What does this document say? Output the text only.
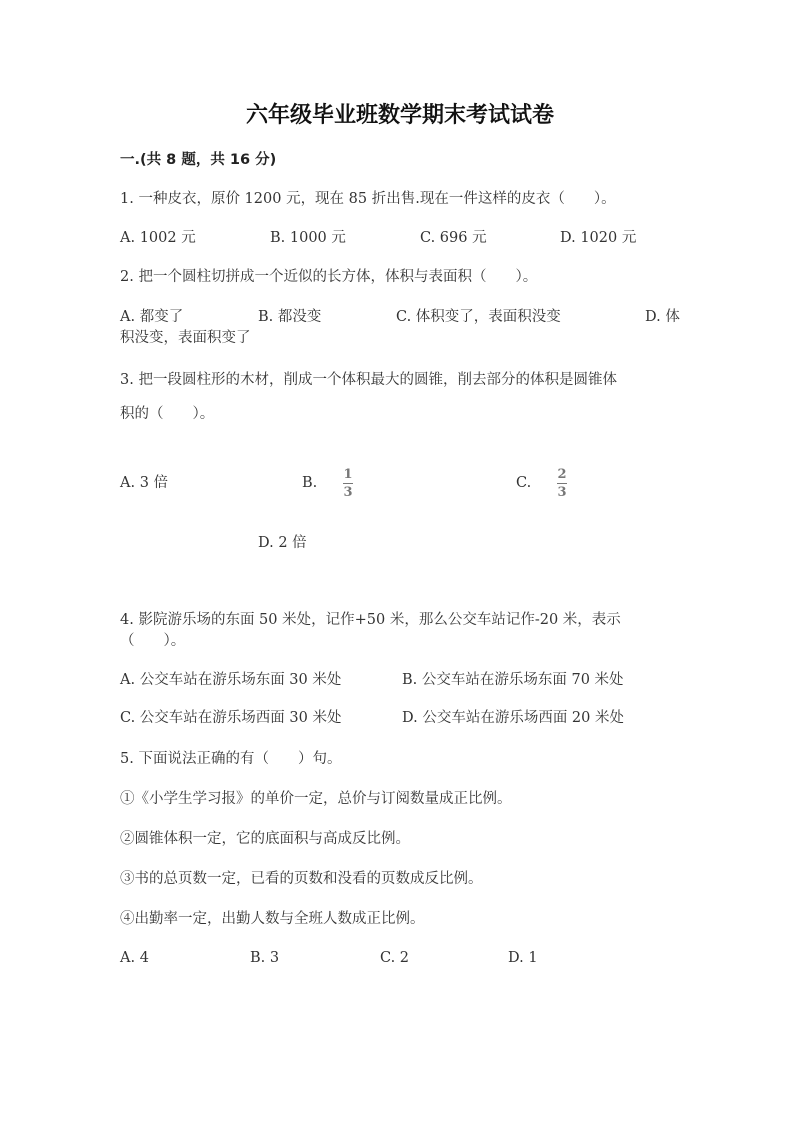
六年级毕业班数学期末考试试卷
一.(共 8 题，共 16 分)
1. 一种皮衣，原价 1200 元，现在 85 折出售.现在一件这样的皮衣（　　）。
A. 1002 元	B. 1000 元	C. 696 元	D. 1020 元
2. 把一个圆柱切拼成一个近似的长方体，体积与表面积（　　）。
A. 都变了	B. 都没变	C. 体积变了，表面积没变	D. 体
积没变，表面积变了
3. 把一段圆柱形的木材，削成一个体积最大的圆锥，削去部分的体积是圆锥体
积的（　　）。
A. 3 倍	B.
1
3
C.
2
3
D. 2 倍
4. 影院游乐场的东面 50 米处，记作+50 米，那么公交车站记作-20 米，表示
（　　）。
A. 公交车站在游乐场东面 30 米处	B. 公交车站在游乐场东面 70 米处
C. 公交车站在游乐场西面 30 米处	D. 公交车站在游乐场西面 20 米处
5. 下面说法正确的有（　　）句。
①《小学生学习报》的单价一定，总价与订阅数量成正比例。
②圆锥体积一定，它的底面积与高成反比例。
③书的总页数一定，已看的页数和没看的页数成反比例。
④出勤率一定，出勤人数与全班人数成正比例。
A. 4	B. 3	C. 2	D. 1
